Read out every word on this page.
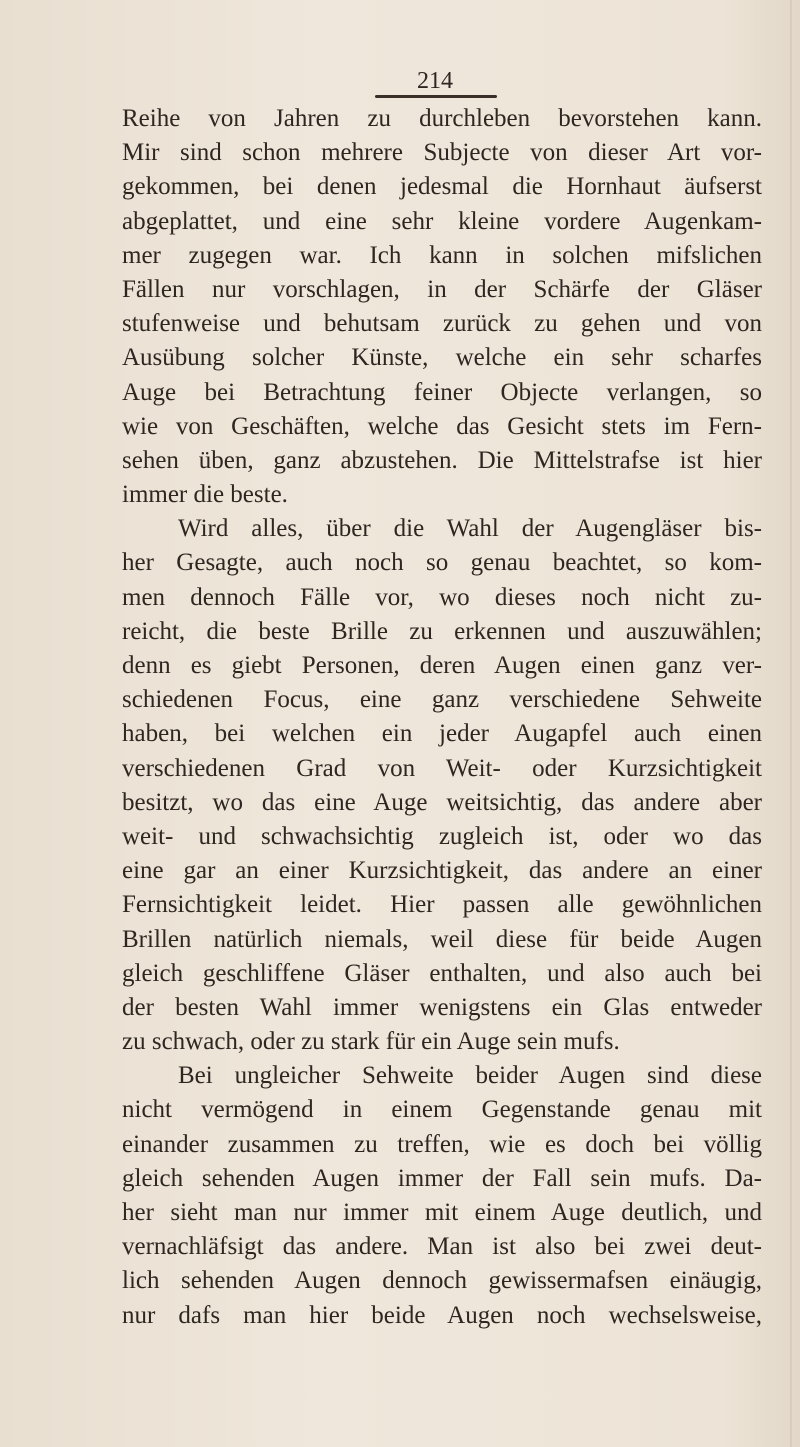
214
Reihe von Jahren zu durchleben bevorstehen kann.
Mir sind schon mehrere Subjecte von dieser Art vor-
gekommen, bei denen jedesmal die Hornhaut äufserst
abgeplattet, und eine sehr kleine vordere Augenkam-
mer zugegen war. Ich kann in solchen mifslichen
Fällen nur vorschlagen, in der Schärfe der Gläser
stufenweise und behutsam zurück zu gehen und von
Ausübung solcher Künste, welche ein sehr scharfes
Auge bei Betrachtung feiner Objecte verlangen, so
wie von Geschäften, welche das Gesicht stets im Fern-
sehen üben, ganz abzustehen. Die Mittelstrafse ist hier
immer die beste.
Wird alles, über die Wahl der Augengläser bis-
her Gesagte, auch noch so genau beachtet, so kom-
men dennoch Fälle vor, wo dieses noch nicht zu-
reicht, die beste Brille zu erkennen und auszuwählen;
denn es giebt Personen, deren Augen einen ganz ver-
schiedenen Focus, eine ganz verschiedene Sehweite
haben, bei welchen ein jeder Augapfel auch einen
verschiedenen Grad von Weit- oder Kurzsichtigkeit
besitzt, wo das eine Auge weitsichtig, das andere aber
weit- und schwachsichtig zugleich ist, oder wo das
eine gar an einer Kurzsichtigkeit, das andere an einer
Fernsichtigkeit leidet. Hier passen alle gewöhnlichen
Brillen natürlich niemals, weil diese für beide Augen
gleich geschliffene Gläser enthalten, und also auch bei
der besten Wahl immer wenigstens ein Glas entweder
zu schwach, oder zu stark für ein Auge sein mufs.
Bei ungleicher Sehweite beider Augen sind diese
nicht vermögend in einem Gegenstande genau mit
einander zusammen zu treffen, wie es doch bei völlig
gleich sehenden Augen immer der Fall sein mufs. Da-
her sieht man nur immer mit einem Auge deutlich, und
vernachläfsigt das andere. Man ist also bei zwei deut-
lich sehenden Augen dennoch gewissermafsen einäugig,
nur dafs man hier beide Augen noch wechselsweise,
